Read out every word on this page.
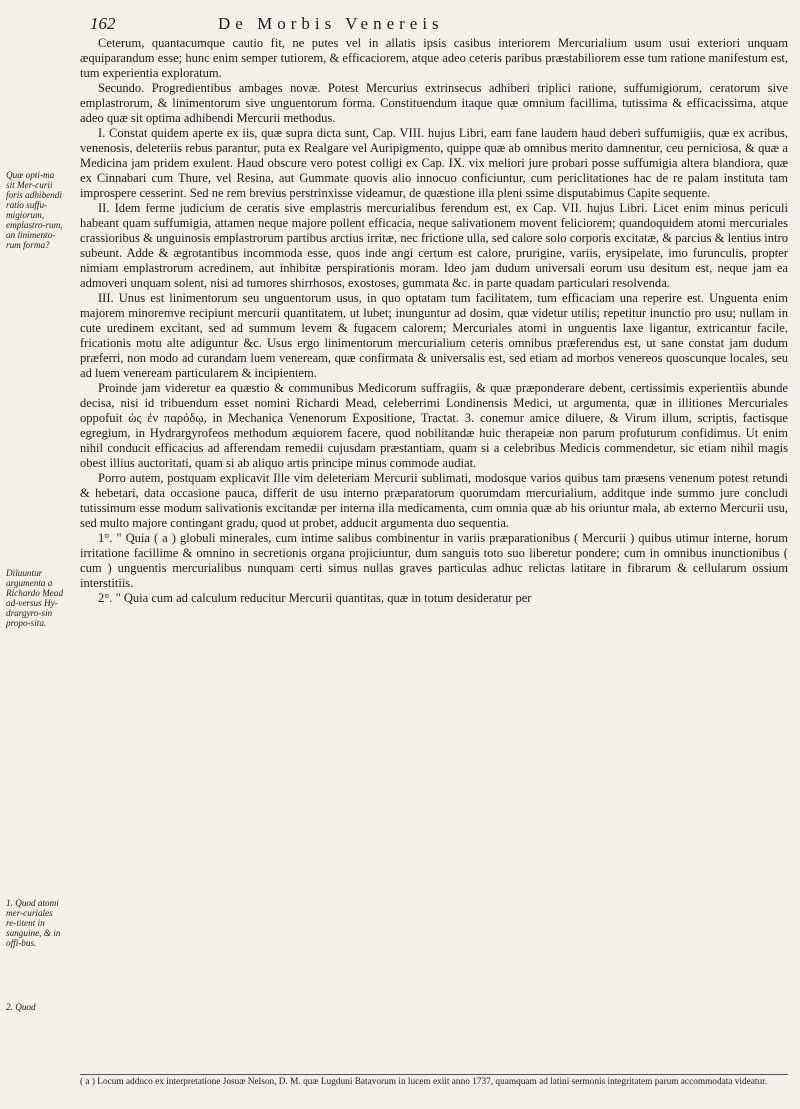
162	De Morbis Venereis
Quæ opti-ma sit Mer-curii foris adhibendi ratio suffu-migiorum, emplastro-rum, an linimento-rum forma?
Diluuntur argumenta a Richardo Mead ad-versus Hy-drargyro-sin propo-sita.
1. Quod atomi mer-curiales re-titent in sanguine, & in offi-bus.
2. Quod

Ceterum, quantacumque cautio fit, ne putes vel in allatis ipsis casibus interiorem Mercurialium usum usui exteriori unquam æquiparandum esse; hunc enim semper tutiorem, & efficaciorem, atque adeo ceteris paribus præstabiliorem esse tum ratione manifestum est, tum experientia exploratum.

Secundo. Progredientibus ambages novæ. Potest Mercurius extrinsecus adhiberi triplici ratione, suffumigiorum, ceratorum sive emplastrorum, & linimentorum sive unguentorum forma. Constituendum itaque quæ omnium facillima, tutissima & efficacissima, atque adeo quæ sit optima adhibendi Mercurii methodus.

I. Constat quidem aperte ex iis, quæ supra dicta sunt, Cap. VIII. hujus Libri, eam fane laudem haud deberi suffumigiis, quæ ex acribus, venenosis, deleteriis rebus parantur, puta ex Realgare vel Auripigmento, quippe quæ ab omnibus merito damnentur, ceu perniciosa, & quæ a Medicina jam pridem exulent. Haud obscure vero potest colligi ex Cap. IX. vix meliori jure probari posse suffumigia altera blandiora, quæ ex Cinnabari cum Thure, vel Resina, aut Gummate quovis alio innocuo conficiuntur, cum periclitationes hac de re palam instituta tam improspere cesserint. Sed ne rem brevius perstrinxisse videamur, de quæstione illa pleni ssime disputabimus Capite sequente.

II. Idem ferme judicium de ceratis sive emplastris mercurialibus ferendum est, ex Cap. VII. hujus Libri. Licet enim minus periculi habeant quam suffumigia, attamen neque majore pollent efficacia, neque salivationem movent feliciorem; quandoquidem atomi mercuriales crassioribus & unguinosis emplastrorum partibus arctius irritæ, nec frictione ulla, sed calore solo corporis excitatæ, & parcius & lentius intro subeunt. Adde & ægrotantibus incommoda esse, quos inde angi certum est calore, prurigine, variis, erysipelate, imo furunculis, propter nimiam emplastrorum acredinem, aut inhibitæ perspirationis moram. Ideo jam dudum universali eorum usu desitum est, neque jam ea admoveri unquam solent, nisi ad tumores shirrhosos, exostoses, gummata &c. in parte quadam particulari resolvenda.

III. Unus est linimentorum seu unguentorum usus, in quo optatam tum facilitatem, tum efficaciam una reperire est. Unguenta enim majorem minoremve recipiunt mercurii quantitatem, ut lubet; inunguntur ad dosim, quæ videtur utilis; repetitur inunctio pro usu; nullam in cute uredinem excitant, sed ad summum levem & fugacem calorem; Mercuriales atomi in unguentis laxe ligantur, extricantur facile, fricationis motu alte adiguntur &c. Usus ergo linimentorum mercurialium ceteris omnibus præferendus est, ut sane constat jam dudum præferri, non modo ad curandam luem veneream, quæ confirmata & universalis est, sed etiam ad morbos venereos quoscunque locales, seu ad luem veneream particularem & incipientem.

Proinde jam videretur ea quæstio & communibus Medicorum suffragiis, & quæ præponderare debent, certissimis experientiis abunde decisa, nisi id tribuendum esset nomini Richardi Mead, celeberrimi Londinensis Medici, ut argumenta, quæ in illitiones Mercuriales oppofuit ὡς ἐν παρόδῳ, in Mechanica Venenorum Expositione, Tractat. 3. conemur amice diluere, & Virum illum, scriptis, factisque egregium, in Hydrargyrofeos methodum æquiorem facere, quod nobilitandæ huic therapeiæ non parum profuturum confidimus. Ut enim nihil conducit efficacius ad afferendam remedii cujusdam præstantiam, quam si a celebribus Medicis commendetur, sic etiam nihil magis obest illius auctoritati, quam si ab aliquo artis principe minus commode audiat.

Porro autem, postquam explicavit Ille vim deleteriam Mercurii sublimati, modosque varios quibus tam præsens venenum potest retundi & hebetari, data occasione pauca, differit de usu interno præparatorum quorumdam mercurialium, additque inde summo jure concludi tutissimum esse modum salivationis excitandæ per interna illa medicamenta, cum omnia quæ ab his oriuntur mala, ab externo Mercurii usu, sed multo majore contingant gradu, quod ut probet, adducit argumenta duo sequentia.

1°. " Quia ( a ) globuli minerales, cum intime salibus combinentur in variis præparationibus ( Mercurii ) quibus utimur interne, horum irritatione facillime & omnino in secretionis organa projiciuntur, dum sanguis toto suo liberetur pondere; cum in omnibus inunctionibus ( cum ) unguentis mercurialibus nunquam certi simus nullas graves particulas adhuc relictas latitare in fibrarum & cellularum ossium interstitiis.

2°. " Quia cum ad calculum reducitur Mercurii quantitas, quæ in totum desideratur per

( a ) Locum adduco ex interpretatione Josuæ Nelson, D. M. quæ Lugduni Batavorum in lucem exiit anno 1737, quamquam ad latini sermonis integritatem parum accommodata videatur.
